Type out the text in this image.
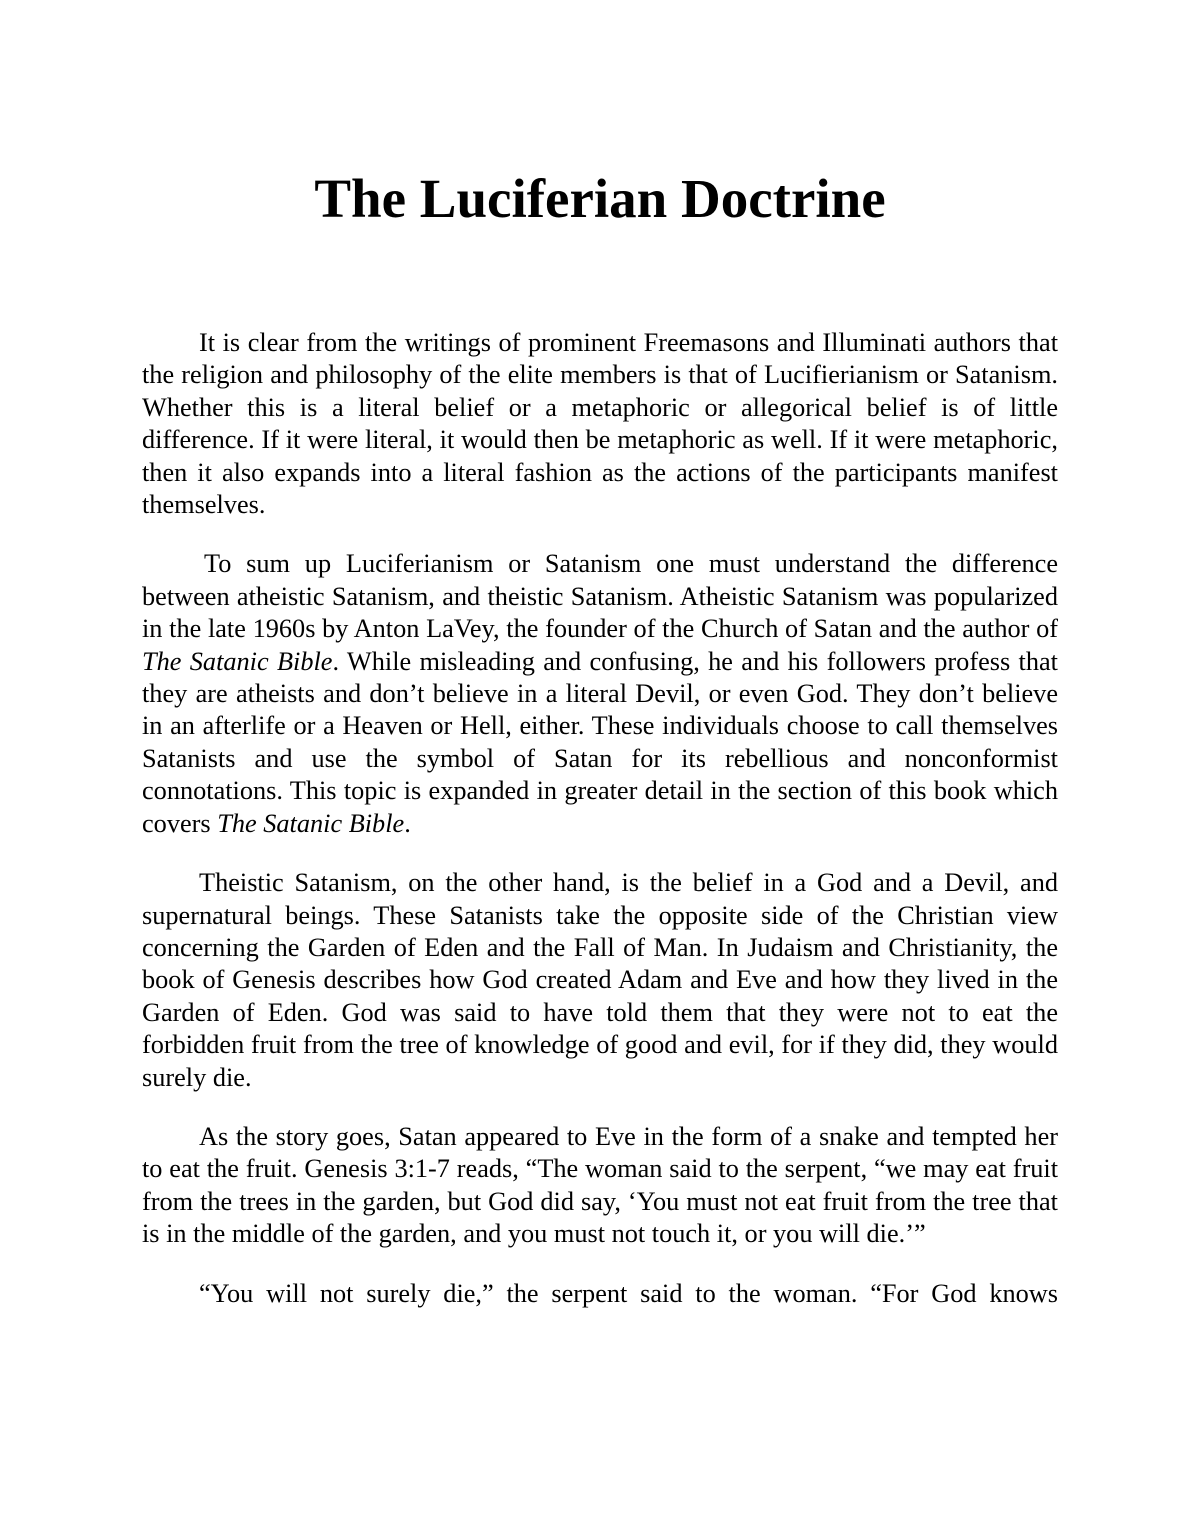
The Luciferian Doctrine

It is clear from the writings of prominent Freemasons and Illuminati authors that the religion and philosophy of the elite members is that of Lucifierianism or Satanism. Whether this is a literal belief or a metaphoric or allegorical belief is of little difference. If it were literal, it would then be metaphoric as well. If it were metaphoric, then it also expands into a literal fashion as the actions of the participants manifest themselves.

To sum up Luciferianism or Satanism one must understand the difference between atheistic Satanism, and theistic Satanism. Atheistic Satanism was popularized in the late 1960s by Anton LaVey, the founder of the Church of Satan and the author of The Satanic Bible. While misleading and confusing, he and his followers profess that they are atheists and don’t believe in a literal Devil, or even God. They don’t believe in an afterlife or a Heaven or Hell, either. These individuals choose to call themselves Satanists and use the symbol of Satan for its rebellious and nonconformist connotations. This topic is expanded in greater detail in the section of this book which covers The Satanic Bible.

Theistic Satanism, on the other hand, is the belief in a God and a Devil, and supernatural beings. These Satanists take the opposite side of the Christian view concerning the Garden of Eden and the Fall of Man. In Judaism and Christianity, the book of Genesis describes how God created Adam and Eve and how they lived in the Garden of Eden. God was said to have told them that they were not to eat the forbidden fruit from the tree of knowledge of good and evil, for if they did, they would surely die.

As the story goes, Satan appeared to Eve in the form of a snake and tempted her to eat the fruit. Genesis 3:1-7 reads, “The woman said to the serpent, “we may eat fruit from the trees in the garden, but God did say, ‘You must not eat fruit from the tree that is in the middle of the garden, and you must not touch it, or you will die.’”

“You will not surely die,” the serpent said to the woman. “For God knows
